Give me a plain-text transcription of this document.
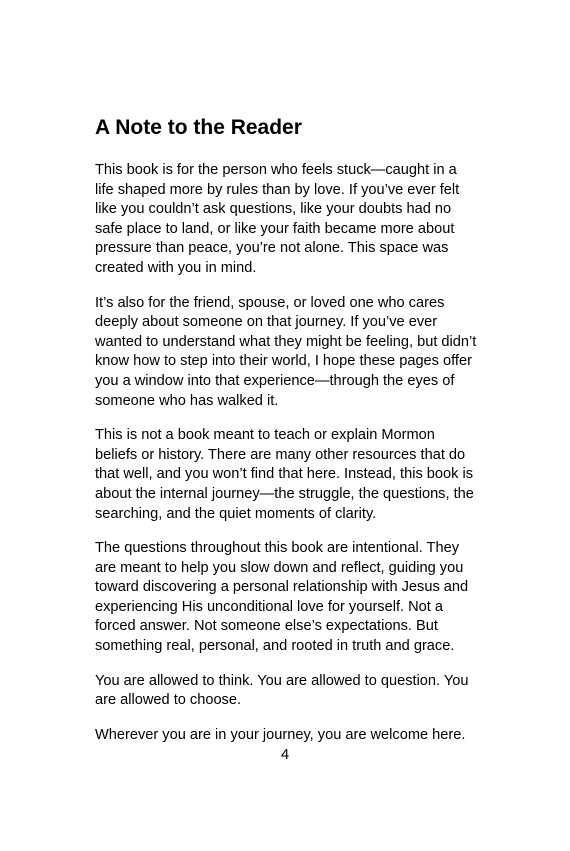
A Note to the Reader

This book is for the person who feels stuck—caught in a
life shaped more by rules than by love. If you’ve ever felt
like you couldn’t ask questions, like your doubts had no
safe place to land, or like your faith became more about
pressure than peace, you’re not alone. This space was
created with you in mind.

It’s also for the friend, spouse, or loved one who cares
deeply about someone on that journey. If you’ve ever
wanted to understand what they might be feeling, but didn’t
know how to step into their world, I hope these pages offer
you a window into that experience—through the eyes of
someone who has walked it.

This is not a book meant to teach or explain Mormon
beliefs or history. There are many other resources that do
that well, and you won’t find that here. Instead, this book is
about the internal journey—the struggle, the questions, the
searching, and the quiet moments of clarity.

The questions throughout this book are intentional. They
are meant to help you slow down and reflect, guiding you
toward discovering a personal relationship with Jesus and
experiencing His unconditional love for yourself. Not a
forced answer. Not someone else’s expectations. But
something real, personal, and rooted in truth and grace.

You are allowed to think. You are allowed to question. You
are allowed to choose.

Wherever you are in your journey, you are welcome here.

4
